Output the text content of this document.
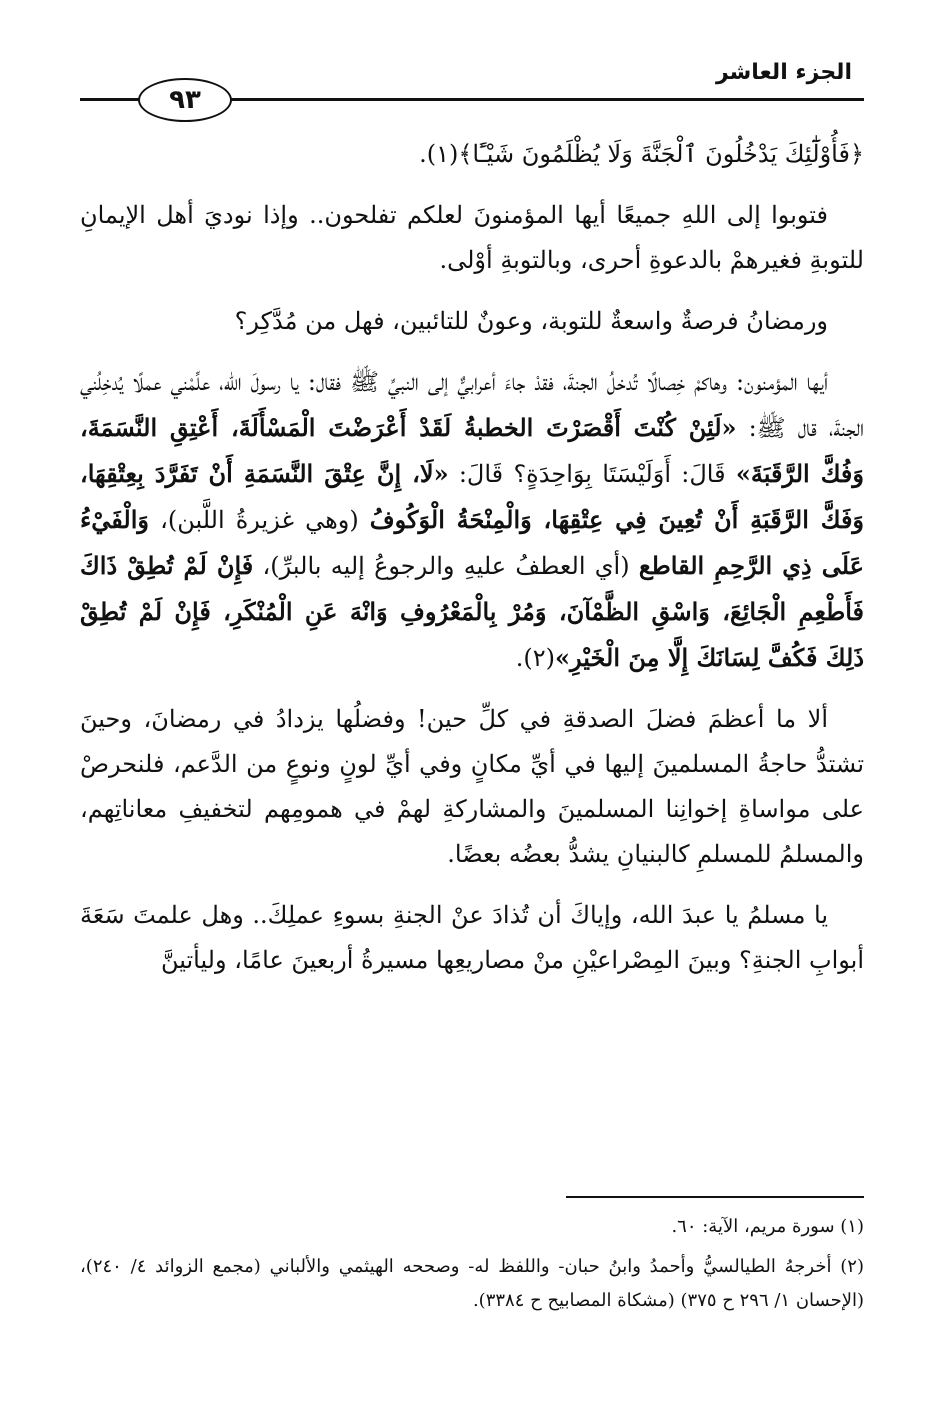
الجزء العاشر
٩٣

﴿فَأُوْلَٰٓئِكَ يَدْخُلُونَ ٱلْجَنَّةَ وَلَا يُظْلَمُونَ شَيْـًٔا﴾(١).

فتوبوا إلى اللهِ جميعًا أيها المؤمنونَ لعلكم تفلحون.. وإذا نوديَ أهل الإيمانِ للتوبةِ فغيرهمْ بالدعوةِ أحرى، وبالتوبةِ أوْلى.

ورمضانُ فرصةٌ واسعةٌ للتوبة، وعونٌ للتائبين، فهل من مُدَّكِر؟

أيها المؤمنون: وهاكمْ خِصالًا تُدخلُ الجنةَ، فقدْ جاءَ أعرابيٌّ إلى النبيِّ ﷺ فقال: يا رسولَ الله، علِّمْني عملًا يُدخِلُني الجنةَ، قال ﷺ: «لَئِنْ كُنْتَ أَقْصَرْتَ الخطبةُ لَقَدْ أَعْرَضْتَ الْمَسْأَلَةَ، أَعْتِقِ النَّسَمَةَ، وَفُكَّ الرَّقَبَةَ» قَالَ: أَوَلَيْسَتَا بِوَاحِدَةٍ؟ قَالَ: «لَا، إِنَّ عِتْقَ النَّسَمَةِ أَنْ تَفَرَّدَ بِعِتْقِهَا، وَفَكَّ الرَّقَبَةِ أَنْ تُعِينَ فِي عِتْقِهَا، وَالْمِنْحَةُ الْوَكُوفُ (وهي غزيرةُ اللَّبن)، وَالْفَيْءُ عَلَى ذِي الرَّحِمِ القاطع (أي العطفُ عليهِ والرجوعُ إليه بالبرِّ)، فَإِنْ لَمْ تُطِقْ ذَاكَ فَأَطْعِمِ الْجَائِعَ، وَاسْقِ الظَّمْآنَ، وَمُرْ بِالْمَعْرُوفِ وَانْهَ عَنِ الْمُنْكَرِ، فَإِنْ لَمْ تُطِقْ ذَلِكَ فَكُفَّ لِسَانَكَ إِلَّا مِنَ الْخَيْرِ»(٢).

ألا ما أعظمَ فضلَ الصدقةِ في كلِّ حين! وفضلُها يزدادُ في رمضانَ، وحينَ تشتدُّ حاجةُ المسلمينَ إليها في أيِّ مكانٍ وفي أيِّ لونٍ ونوعٍ من الدَّعم، فلنحرصْ على مواساةِ إخوانِنا المسلمينَ والمشاركةِ لهمْ في همومِهم لتخفيفِ معاناتِهم، والمسلمُ للمسلمِ كالبنيانِ يشدُّ بعضُه بعضًا.

يا مسلمُ يا عبدَ الله، وإياكَ أن تُذادَ عنْ الجنةِ بسوءِ عملِكَ.. وهل علمتَ سَعَةَ أبوابِ الجنةِ؟ وبينَ المِصْراعيْنِ منْ مصاريعِها مسيرةُ أربعينَ عامًا، وليأتينَّ

(١) سورة مريم، الآية: ٦٠.

(٢) أخرجهُ الطيالسيُّ وأحمدُ وابنُ حبان- واللفظ له- وصححه الهيثمي والألباني (مجمع الزوائد ٤/ ٢٤٠)، (الإحسان ١/ ٢٩٦ ح ٣٧٥) (مشكاة المصابيح ح ٣٣٨٤).
